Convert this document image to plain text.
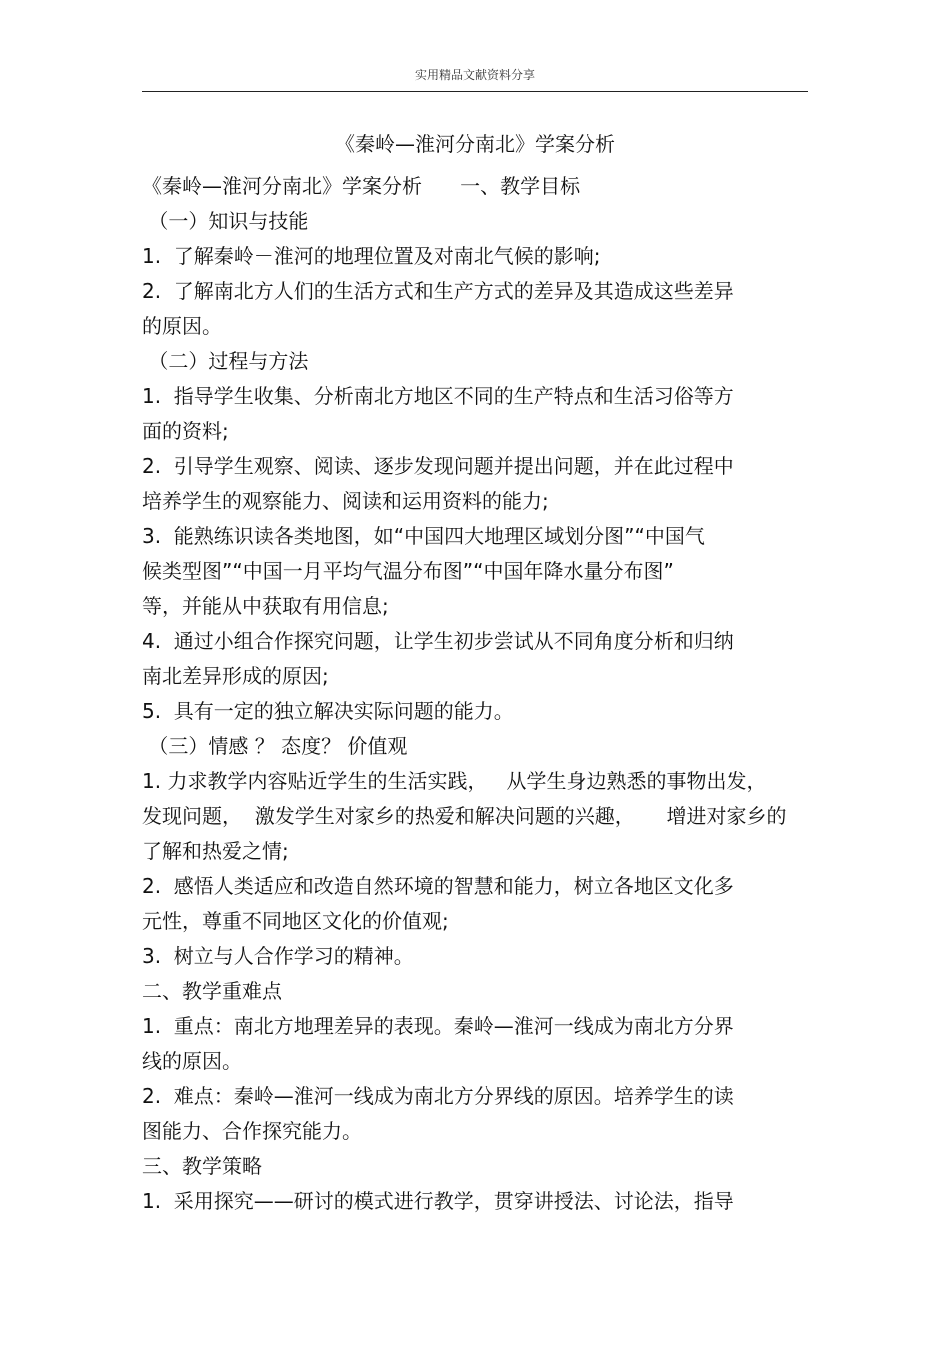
实用精品文献资料分享
《秦岭—淮河分南北》学案分析
《秦岭—淮河分南北》学案分析      一、教学目标
（一）知识与技能
1.  了解秦岭－淮河的地理位置及对南北气候的影响;
2.  了解南北方人们的生活方式和生产方式的差异及其造成这些差异
的原因。
（二）过程与方法
1.  指导学生收集、分析南北方地区不同的生产特点和生活习俗等方
面的资料;
2.  引导学生观察、阅读、逐步发现问题并提出问题，并在此过程中
培养学生的观察能力、阅读和运用资料的能力;
3.  能熟练识读各类地图，如“中国四大地理区域划分图”“中国气
候类型图”“中国一月平均气温分布图”“中国年降水量分布图”
等，并能从中获取有用信息;
4.  通过小组合作探究问题，让学生初步尝试从不同角度分析和归纳
南北差异形成的原因;
5.  具有一定的独立解决实际问题的能力。
（三）情感 ？ 态度？ 价值观
1. 力求教学内容贴近学生的生活实践，   从学生身边熟悉的事物出发，
发现问题，  激发学生对家乡的热爱和解决问题的兴趣，     增进对家乡的
了解和热爱之情;
2.  感悟人类适应和改造自然环境的智慧和能力，树立各地区文化多
元性，尊重不同地区文化的价值观;
3.  树立与人合作学习的精神。
二、教学重难点
1.  重点：南北方地理差异的表现。秦岭—淮河一线成为南北方分界
线的原因。
2.  难点：秦岭—淮河一线成为南北方分界线的原因。培养学生的读
图能力、合作探究能力。
三、教学策略
1.  采用探究——研讨的模式进行教学，贯穿讲授法、讨论法，指导
